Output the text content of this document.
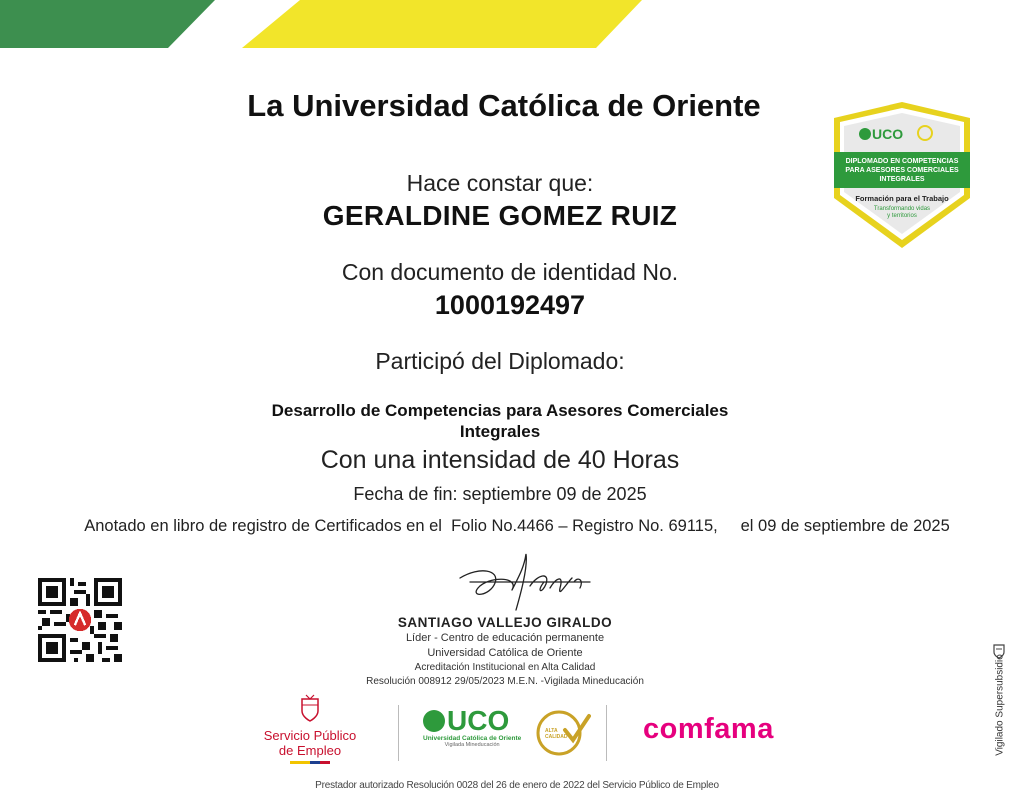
La Universidad Católica de Oriente
Hace constar que:
GERALDINE GOMEZ RUIZ
Con documento de identidad No.
1000192497
Participó del Diplomado:
Desarrollo de Competencias para Asesores Comerciales
Integrales
Con una intensidad de 40 Horas
Fecha de fin: septiembre 09 de 2025
Anotado en libro de registro de Certificados en el  Folio No.4466 – Registro No. 69115,     el 09 de septiembre de 2025
UCO
DIPLOMADO EN COMPETENCIAS
PARA ASESORES COMERCIALES
INTEGRALES
Formación para el Trabajo
Transformando vidas
y territorios
SANTIAGO VALLEJO GIRALDO
Líder - Centro de educación permanente
Universidad Católica de Oriente
Acreditación Institucional en Alta Calidad
Resolución 008912 29/05/2023 M.E.N. -Vigilada Mineducación
Servicio Público
de Empleo
UCO
Universidad Católica de Oriente
Vigilada Mineducación
ALTA CALIDAD	comfama	Vigilado Supersubsidio
Prestador autorizado Resolución 0028 del 26 de enero de 2022 del Servicio Público de Empleo
